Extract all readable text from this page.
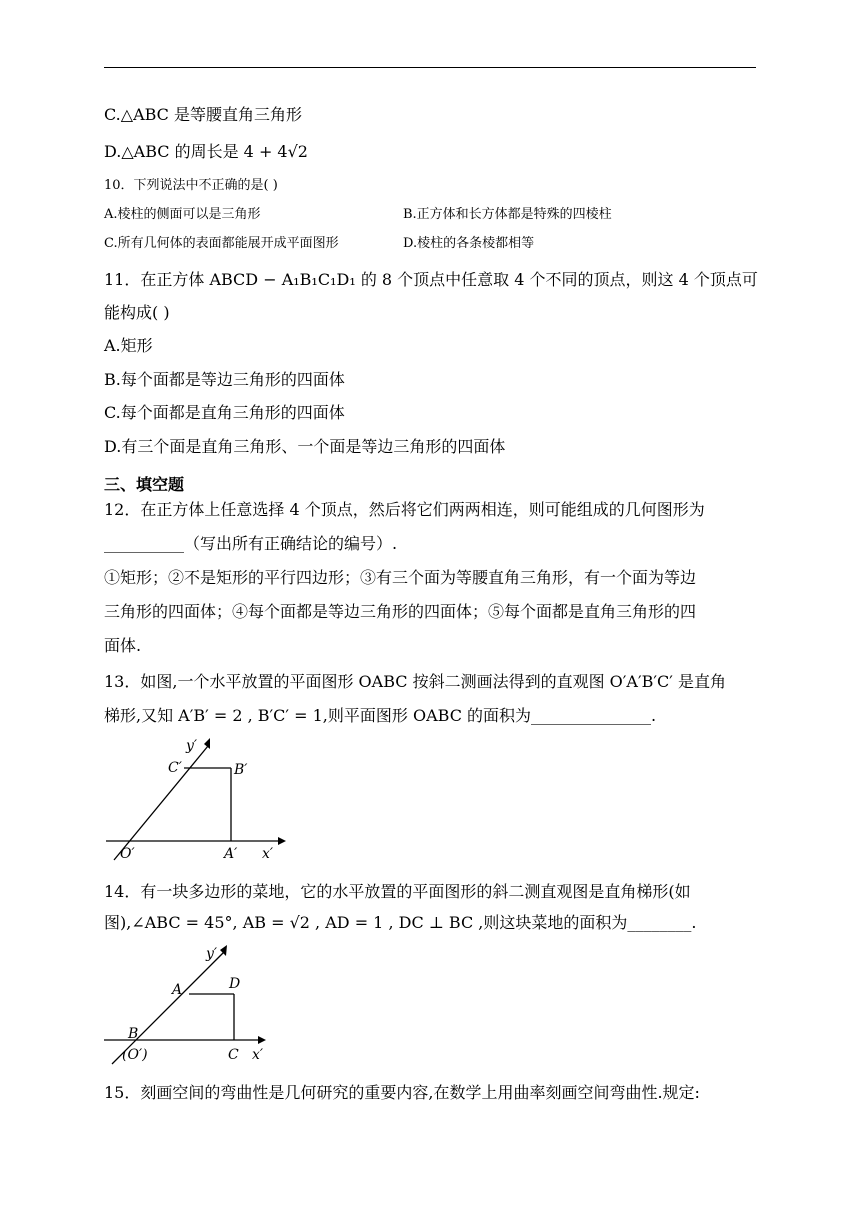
C.△ABC 是等腰直角三角形
D.△ABC 的周长是 4 + 4√2
10．下列说法中不正确的是( )
A.棱柱的侧面可以是三角形	B.正方体和长方体都是特殊的四棱柱
C.所有几何体的表面都能展开成平面图形	D.棱柱的各条棱都相等
11．在正方体 ABCD − A₁B₁C₁D₁ 的 8 个顶点中任意取 4 个不同的顶点，则这 4 个顶点可
能构成( )
A.矩形
B.每个面都是等边三角形的四面体
C.每个面都是直角三角形的四面体
D.有三个面是直角三角形、一个面是等边三角形的四面体
三、填空题
12．在正方体上任意选择 4 个顶点，然后将它们两两相连，则可能组成的几何图形为
__________（写出所有正确结论的编号）.
①矩形；②不是矩形的平行四边形；③有三个面为等腰直角三角形，有一个面为等边
三角形的四面体；④每个面都是等边三角形的四面体；⑤每个面都是直角三角形的四
面体.
13．如图,一个水平放置的平面图形 OABC 按斜二测画法得到的直观图 O′A′B′C′ 是直角
梯形,又知 A′B′ = 2 , B′C′ = 1,则平面图形 OABC 的面积为_______________.
y′
C′	B′
O′	A′ x′
14．有一块多边形的菜地，它的水平放置的平面图形的斜二测直观图是直角梯形(如
图),∠ABC = 45°, AB = √2 , AD = 1 , DC ⊥ BC ,则这块菜地的面积为________.
y′
A	D
B
(O′)	C x′
15．刻画空间的弯曲性是几何研究的重要内容,在数学上用曲率刻画空间弯曲性.规定:
